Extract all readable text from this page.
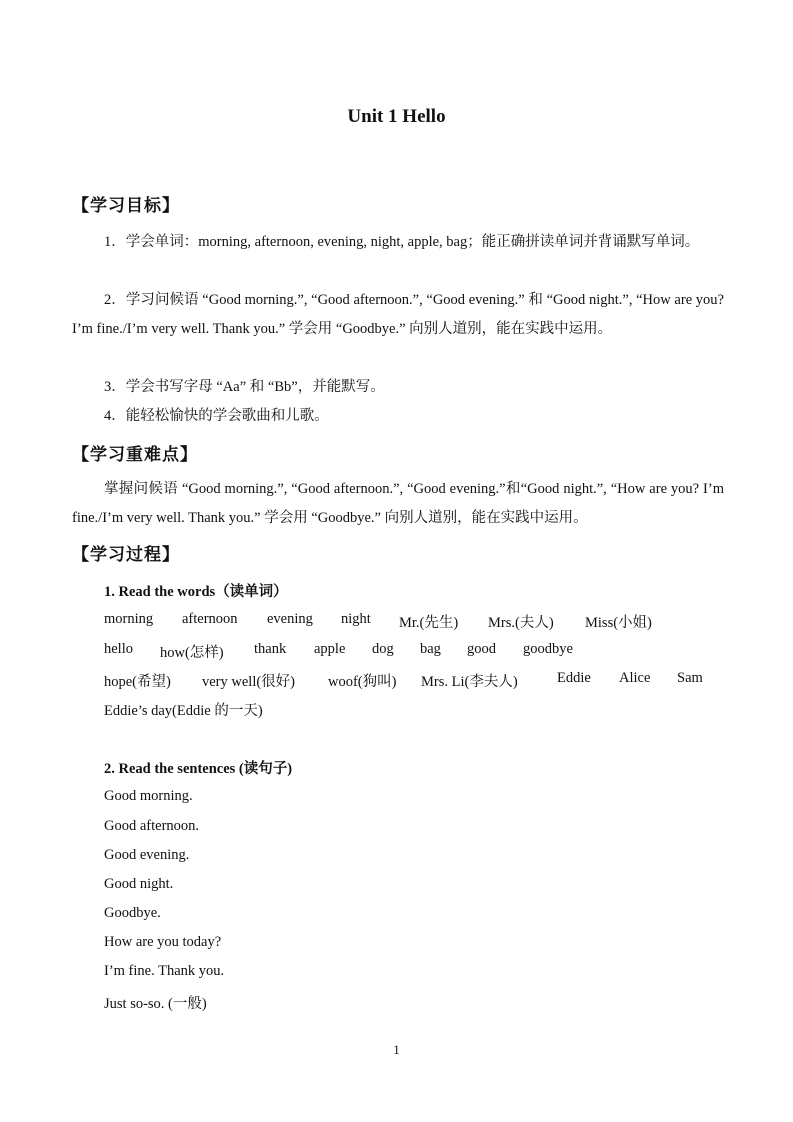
Unit 1 Hello
【学习目标】
1．学会单词：morning, afternoon, evening, night, apple, bag；能正确拼读单词并背诵默写单词。
2．学习问候语 “Good morning.”, “Good afternoon.”, “Good evening.” 和 “Good night.”, “How are you? I’m fine./I’m very well. Thank you.” 学会用 “Goodbye.” 向别人道别，能在实践中运用。
3．学会书写字母 “Aa” 和 “Bb”，并能默写。
4．能轻松愉快的学会歌曲和儿歌。
【学习重难点】
掌握问候语 “Good morning.”, “Good afternoon.”, “Good evening.”和“Good night.”, “How are you? I’m fine./I’m very well. Thank you.” 学会用 “Goodbye.” 向别人道别，能在实践中运用。
【学习过程】
1. Read the words（读单词）
morning afternoon evening night Mr.(先生) Mrs.(夫人) Miss(小姐)
hello how(怎样) thank apple dog bag good goodbye
hope(希望) very well(很好) woof(狗叫) Mrs. Li(李夫人)	Eddie Alice Sam
Eddie’s day(Eddie 的一天)
2. Read the sentences (读句子)
Good morning.
Good afternoon.
Good evening.
Good night.
Goodbye.
How are you today?
I’m fine. Thank you.
Just so-so. (一般)
1
